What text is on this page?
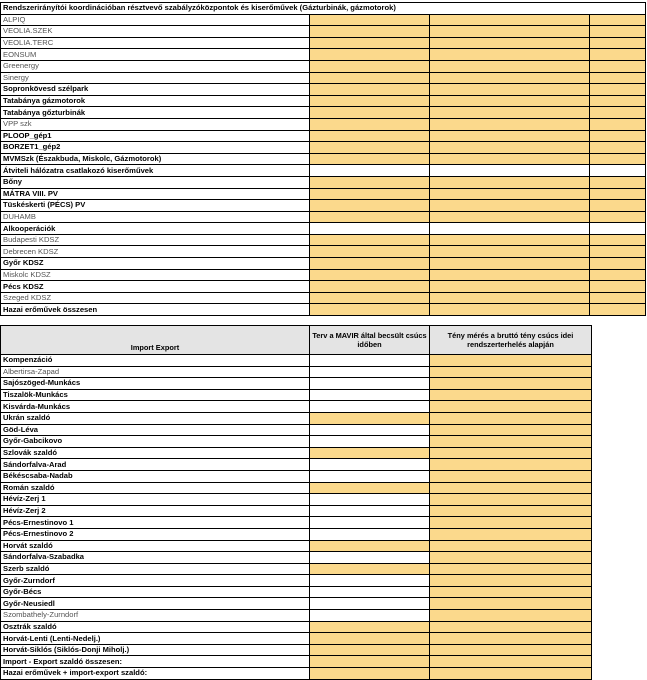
Rendszerirányítói koordinációban résztvevő szabályzóközpontok és kiserőművek (Gázturbinák, gázmotorok)			
ALPIQ			
VEOLIA.SZEK			
VEOLIA.TERC			
EONSUM			
Greenergy			
Sinergy			
Sopronkövesd szélpark			
Tatabánya gázmotorok			
Tatabánya gőzturbinák			
VPP szk			
PLOOP_gép1			
BORZET1_gép2			
MVMSzk (Északbuda, Miskolc, Gázmotorok)			
Átviteli hálózatra csatlakozó kiserőművek			
Bőny			
MÁTRA VIII. PV			
Tüskéskerti (PÉCS) PV			
DUHAMB			
Alkooperációk			
Budapesti KDSZ			
Debrecen KDSZ			
Győr KDSZ			
Miskolc KDSZ			
Pécs KDSZ			
Szeged KDSZ			
Hazai erőművek összesen			
Import Export	Terv a MAVIR által becsült csúcs időben	Tény mérés a bruttó tény csúcs idei rendszerterhelés alapján
Kompenzáció		
Albertirsa-Zapad		
Sajószöged-Munkács		
Tiszalök-Munkács		
Kisvárda-Munkács		
Ukrán szaldó		
Göd-Léva		
Győr-Gabcikovo		
Szlovák szaldó		
Sándorfalva-Arad		
Békéscsaba-Nadab		
Román szaldó		
Hévíz-Zerj 1		
Hévíz-Zerj 2		
Pécs-Ernestinovo 1		
Pécs-Ernestinovo 2		
Horvát szaldó		
Sándorfalva-Szabadka		
Szerb szaldó		
Győr-Zurndorf		
Győr-Bécs		
Győr-Neusiedl		
Szombathely-Zurndorf		
Osztrák szaldó		
Horvát-Lenti (Lenti-Nedelj.)		
Horvát-Siklós (Siklós-Donji Miholj.)		
Import - Export szaldó összesen:		
Hazai erőművek + import-export szaldó:		
